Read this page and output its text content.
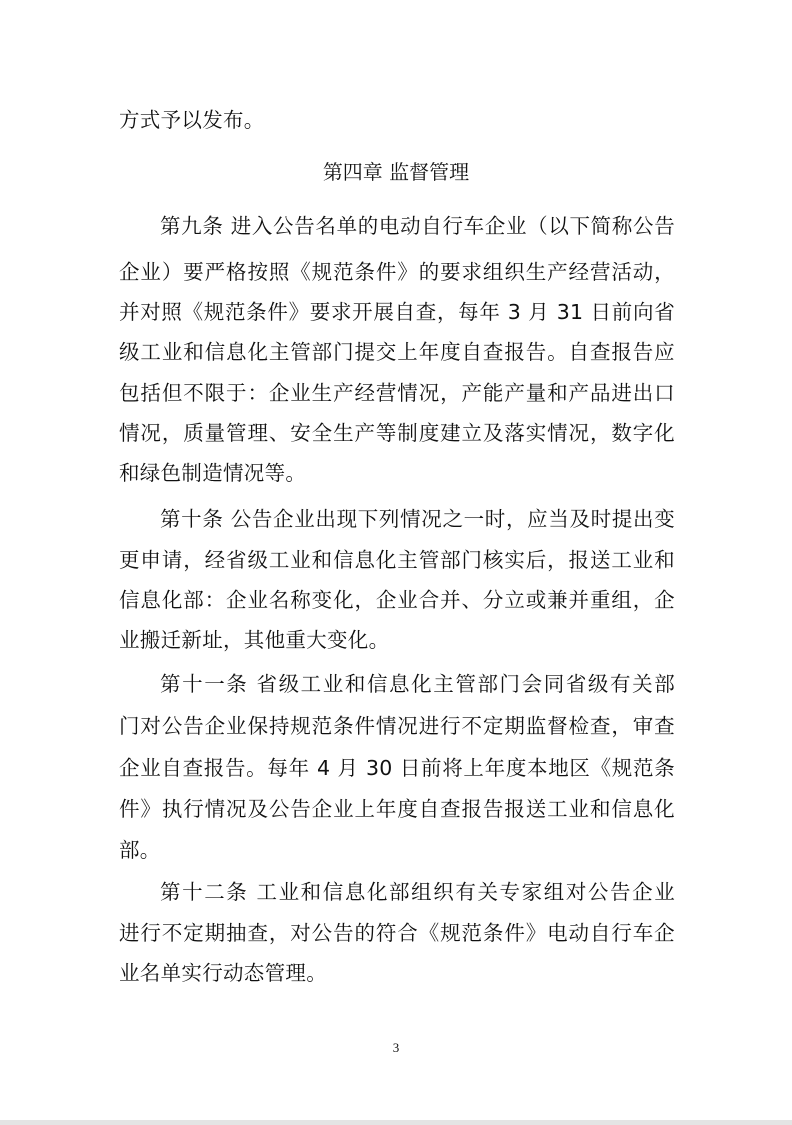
方式予以发布。
第四章 监督管理
第九条 进入公告名单的电动自行车企业（以下简称公告
企业）要严格按照《规范条件》的要求组织生产经营活动，
并对照《规范条件》要求开展自查，每年 3 月 31 日前向省
级工业和信息化主管部门提交上年度自查报告。自查报告应
包括但不限于：企业生产经营情况，产能产量和产品进出口
情况，质量管理、安全生产等制度建立及落实情况，数字化
和绿色制造情况等。
第十条 公告企业出现下列情况之一时，应当及时提出变
更申请，经省级工业和信息化主管部门核实后，报送工业和
信息化部：企业名称变化，企业合并、分立或兼并重组，企
业搬迁新址，其他重大变化。
第十一条 省级工业和信息化主管部门会同省级有关部
门对公告企业保持规范条件情况进行不定期监督检查，审查
企业自查报告。每年 4 月 30 日前将上年度本地区《规范条
件》执行情况及公告企业上年度自查报告报送工业和信息化
部。
第十二条 工业和信息化部组织有关专家组对公告企业
进行不定期抽查，对公告的符合《规范条件》电动自行车企
业名单实行动态管理。
3
